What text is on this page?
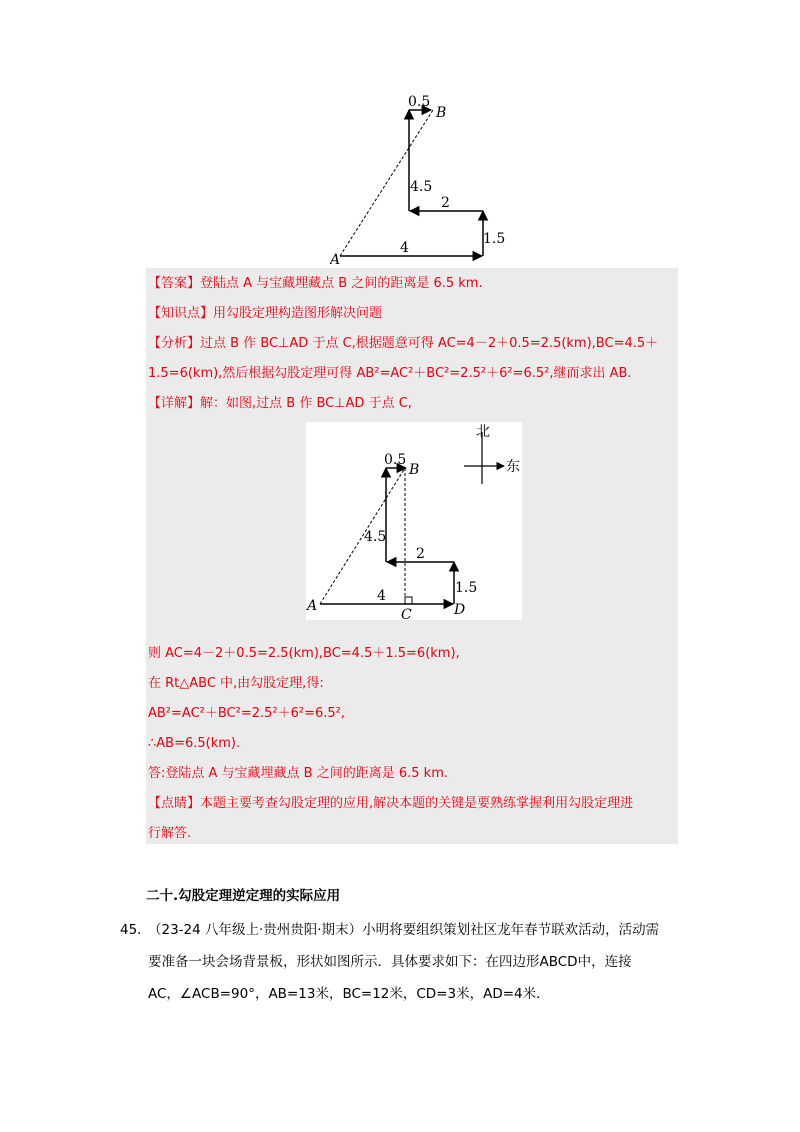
0.5
B
4.5
2
1.5
4
A

【答案】登陆点 A 与宝藏埋藏点 B 之间的距离是 6.5 km.

【知识点】用勾股定理构造图形解决问题

【分析】过点 B 作 BC⊥AD 于点 C,根据题意可得 AC=4－2＋0.5=2.5(km),BC=4.5＋

1.5=6(km),然后根据勾股定理可得 AB²=AC²＋BC²=2.5²＋6²=6.5²,继而求出 AB.

【详解】解：如图,过点 B 作 BC⊥AD 于点 C,

北
东
0.5
B
4.5
2
1.5
4
A
C	D

则 AC=4－2＋0.5=2.5(km),BC=4.5＋1.5=6(km),

在 Rt△ABC 中,由勾股定理,得:

AB²=AC²＋BC²=2.5²＋6²=6.5²,

∴AB=6.5(km).

答:登陆点 A 与宝藏埋藏点 B 之间的距离是 6.5 km.

【点睛】本题主要考查勾股定理的应用,解决本题的关键是要熟练掌握利用勾股定理进

行解答.

二十.勾股定理逆定理的实际应用

45．

（23-24 八年级上·贵州贵阳·期末）小明将要组织策划社区龙年春节联欢活动，活动需

要准备一块会场背景板，形状如图所示．具体要求如下：在四边形ABCD中，连接

AC，∠ACB=90°，AB=13米，BC=12米，CD=3米，AD=4米．
